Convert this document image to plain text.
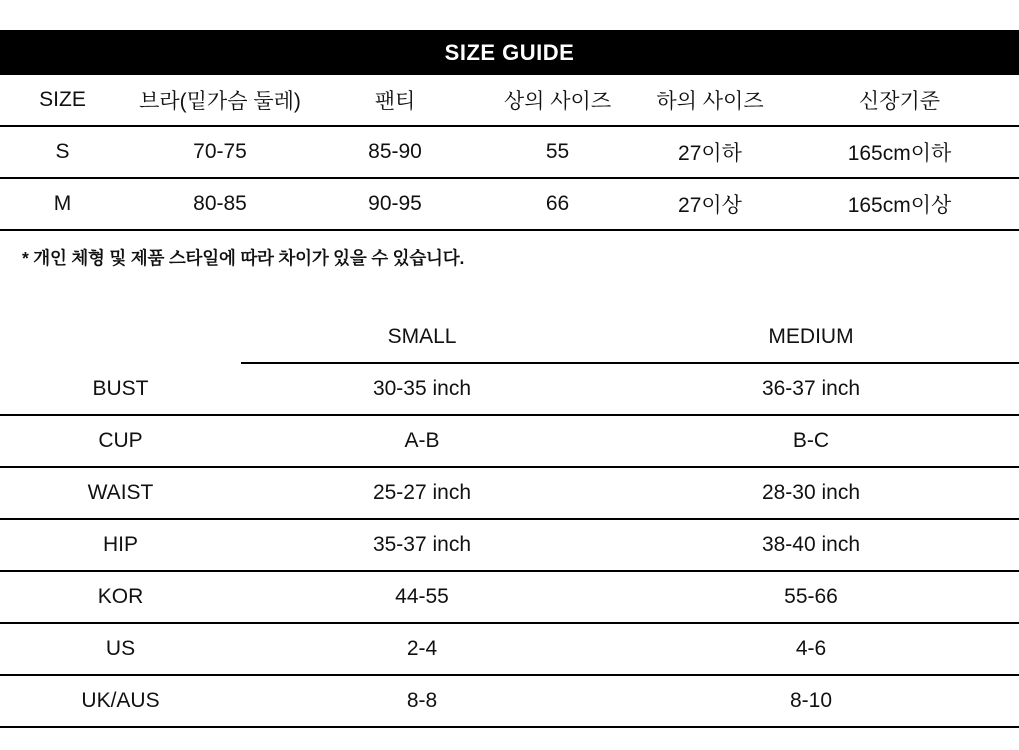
SIZE GUIDE
SIZE	브라(밑가슴 둘레)	팬티	상의 사이즈	하의 사이즈	신장기준
S	70-75	85-90	55	27이하	165cm이하
M	80-85	90-95	66	27이상	165cm이상
* 개인 체형 및 제품 스타일에 따라 차이가 있을 수 있습니다.
	SMALL	MEDIUM
BUST	30-35 inch	36-37 inch
CUP	A-B	B-C
WAIST	25-27 inch	28-30 inch
HIP	35-37 inch	38-40 inch
KOR	44-55	55-66
US	2-4	4-6
UK/AUS	8-8	8-10
